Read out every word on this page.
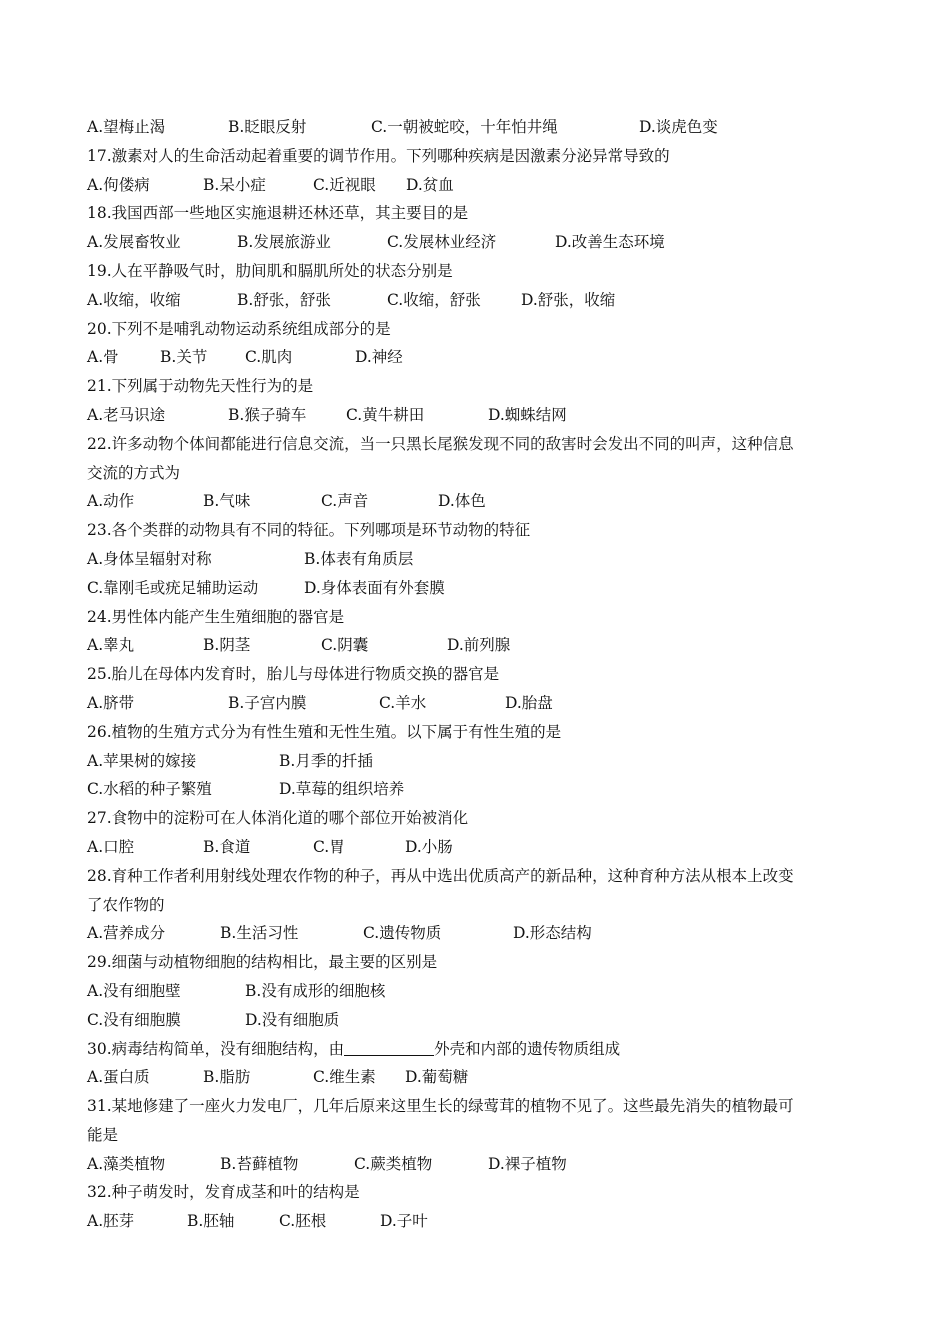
A.望梅止渴	B.眨眼反射	C.一朝被蛇咬，十年怕井绳	D.谈虎色变
17.激素对人的生命活动起着重要的调节作用。下列哪种疾病是因激素分泌异常导致的
A.佝偻病	B.呆小症	C.近视眼 D.贫血
18.我国西部一些地区实施退耕还林还草，其主要目的是
A.发展畜牧业	B.发展旅游业	C.发展林业经济	D.改善生态环境
19.人在平静吸气时，肋间肌和膈肌所处的状态分别是
A.收缩，收缩	B.舒张，舒张	C.收缩，舒张	D.舒张，收缩
20.下列不是哺乳动物运动系统组成部分的是
A.骨	B.关节 C.肌肉	D.神经
21.下列属于动物先天性行为的是
A.老马识途	B.猴子骑车	C.黄牛耕田	D.蜘蛛结网
22.许多动物个体间都能进行信息交流，当一只黑长尾猴发现不同的敌害时会发出不同的叫声，这种信息
交流的方式为
A.动作	B.气味	C.声音	D.体色
23.各个类群的动物具有不同的特征。下列哪项是环节动物的特征
A.身体呈辐射对称	B.体表有角质层
C.靠刚毛或疣足辅助运动	D.身体表面有外套膜
24.男性体内能产生生殖细胞的器官是
A.睾丸	B.阴茎	C.阴囊	D.前列腺
25.胎儿在母体内发育时，胎儿与母体进行物质交换的器官是
A.脐带	B.子宫内膜	C.羊水	D.胎盘
26.植物的生殖方式分为有性生殖和无性生殖。以下属于有性生殖的是
A.苹果树的嫁接	B.月季的扦插
C.水稻的种子繁殖	D.草莓的组织培养
27.食物中的淀粉可在人体消化道的哪个部位开始被消化
A.口腔	B.食道	C.胃	D.小肠
28.育种工作者利用射线处理农作物的种子，再从中选出优质高产的新品种，这种育种方法从根本上改变
了农作物的
A.营养成分	B.生活习性	C.遗传物质	D.形态结构
29.细菌与动植物细胞的结构相比，最主要的区别是
A.没有细胞壁	B.没有成形的细胞核
C.没有细胞膜	D.没有细胞质
30.病毒结构简单，没有细胞结构，由	外壳和内部的遗传物质组成
A.蛋白质	B.脂肪	C.维生素 D.葡萄糖
31.某地修建了一座火力发电厂，几年后原来这里生长的绿莺茸的植物不见了。这些最先消失的植物最可
能是
A.藻类植物	B.苔藓植物	C.蕨类植物	D.裸子植物
32.种子萌发时，发育成茎和叶的结构是
A.胚芽	B.胚轴	C.胚根	D.子叶
